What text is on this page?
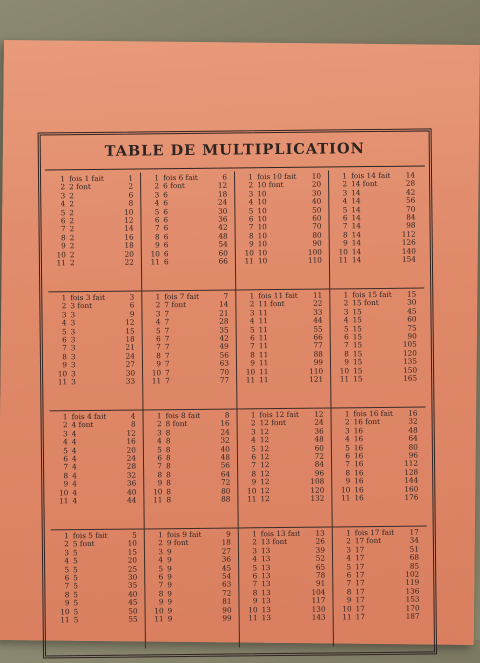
TABLE DE MULTIPLICATION
1 fois 1 fait	1
2 2 font	2
3 2	6
4 2	8
5 2	10
6 2	12
7 2	14
8 2	16
9 2	18
10 2	20
11 2	22
1 fois 6 fait	6
2 6 font	12
3 6	18
4 6	24
5 6	30
6 6	36
7 6	42
8 6	48
9 6	54
10 6	60
11 6	66
1 fois 10 fait	10
2 10 font	20
3 10	30
4 10	40
5 10	50
6 10	60
7 10	70
8 10	80
9 10	90
10 10	100
11 10	110
1 fois 14 fait	14
2 14 font	28
3 14	42
4 14	56
5 14	70
6 14	84
7 14	98
8 14	112
9 14	126
10 14	140
11 14	154
1 fois 3 fait	3
2 3 font	6
3 3	9
4 3	12
5 3	15
6 3	18
7 3	21
8 3	24
9 3	27
10 3	30
11 3	33
1 fois 7 fait	7
2 7 font	14
3 7	21
4 7	28
5 7	35
6 7	42
7 7	49
8 7	56
9 7	63
10 7	70
11 7	77
1 fois 11 fait	11
2 11 font	22
3 11	33
4 11	44
5 11	55
6 11	66
7 11	77
8 11	88
9 11	99
10 11	110
11 11	121
1 fois 15 fait	15
2 15 font	30
3 15	45
4 15	60
5 15	75
6 15	90
7 15	105
8 15	120
9 15	135
10 15	150
11 15	165
1 fois 4 fait	4
2 4 font	8
3 4	12
4 4	16
5 4	20
6 4	24
7 4	28
8 4	32
9 4	36
10 4	40
11 4	44
1 fois 8 fait	8
2 8 font	16
3 8	24
4 8	32
5 8	40
6 8	48
7 8	56
8 8	64
9 8	72
10 8	80
11 8	88
1 fois 12 fait	12
2 12 font	24
3 12	36
4 12	48
5 12	60
6 12	72
7 12	84
8 12	96
9 12	108
10 12	120
11 12	132
1 fois 16 fait	16
2 16 font	32
3 16	48
4 16	64
5 16	80
6 16	96
7 16	112
8 16	128
9 16	144
10 16	160
11 16	176
1 fois 5 fait	5
2 5 font	10
3 5	15
4 5	20
5 5	25
6 5	30
7 5	35
8 5	40
9 5	45
10 5	50
11 5	55
1 fois 9 fait	9
2 9 font	18
3 9	27
4 9	36
5 9	45
6 9	54
7 9	63
8 9	72
9 9	81
10 9	90
11 9	99
1 fois 13 fait	13
2 13 font	26
3 13	39
4 13	52
5 13	65
6 13	78
7 13	91
8 13	104
9 13	117
10 13	130
11 13	143
1 fois 17 fait	17
2 17 font	34
3 17	51
4 17	68
5 17	85
6 17	102
7 17	119
8 17	136
9 17	153
10 17	170
11 17	187
